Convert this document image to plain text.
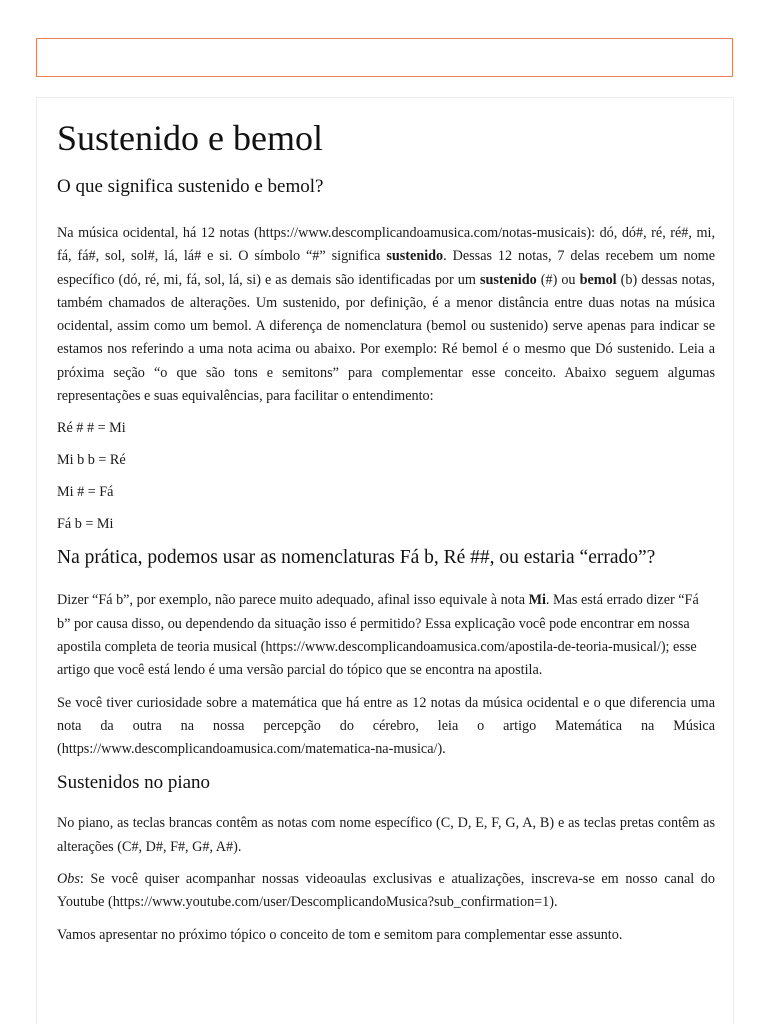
Sustenido e bemol
O que significa sustenido e bemol?

Na música ocidental, há 12 notas (https://www.descomplicandoamusica.com/notas-musicais): dó, dó#, ré, ré#, mi, fá, fá#, sol, sol#, lá, lá# e si. O símbolo “#” significa sustenido. Dessas 12 notas, 7 delas recebem um nome específico (dó, ré, mi, fá, sol, lá, si) e as demais são identificadas por um sustenido (#) ou bemol (b) dessas notas, também chamados de alterações. Um sustenido, por definição, é a menor distância entre duas notas na música ocidental, assim como um bemol. A diferença de nomenclatura (bemol ou sustenido) serve apenas para indicar se estamos nos referindo a uma nota acima ou abaixo. Por exemplo: Ré bemol é o mesmo que Dó sustenido. Leia a próxima seção “o que são tons e semitons” para complementar esse conceito. Abaixo seguem algumas representações e suas equivalências, para facilitar o entendimento:

Ré # # = Mi

Mi b b = Ré

Mi # = Fá

Fá b = Mi

Na prática, podemos usar as nomenclaturas Fá b, Ré ##, ou estaria “errado”?

Dizer “Fá b”, por exemplo, não parece muito adequado, afinal isso equivale à nota Mi. Mas está errado dizer “Fá b” por causa disso, ou dependendo da situação isso é permitido? Essa explicação você pode encontrar em nossa apostila completa de teoria musical (https://www.descomplicandoamusica.com/apostila-de-teoria-musical/); esse artigo que você está lendo é uma versão parcial do tópico que se encontra na apostila.

Se você tiver curiosidade sobre a matemática que há entre as 12 notas da música ocidental e o que diferencia uma nota da outra na nossa percepção do cérebro, leia o artigo Matemática na Música (https://www.descomplicandoamusica.com/matematica-na-musica/).

Sustenidos no piano

No piano, as teclas brancas contêm as notas com nome específico (C, D, E, F, G, A, B) e as teclas pretas contêm as alterações (C#, D#, F#, G#, A#).

Obs: Se você quiser acompanhar nossas videoaulas exclusivas e atualizações, inscreva-se em nosso canal do Youtube (https://www.youtube.com/user/DescomplicandoMusica?sub_confirmation=1).

Vamos apresentar no próximo tópico o conceito de tom e semitom para complementar esse assunto.
